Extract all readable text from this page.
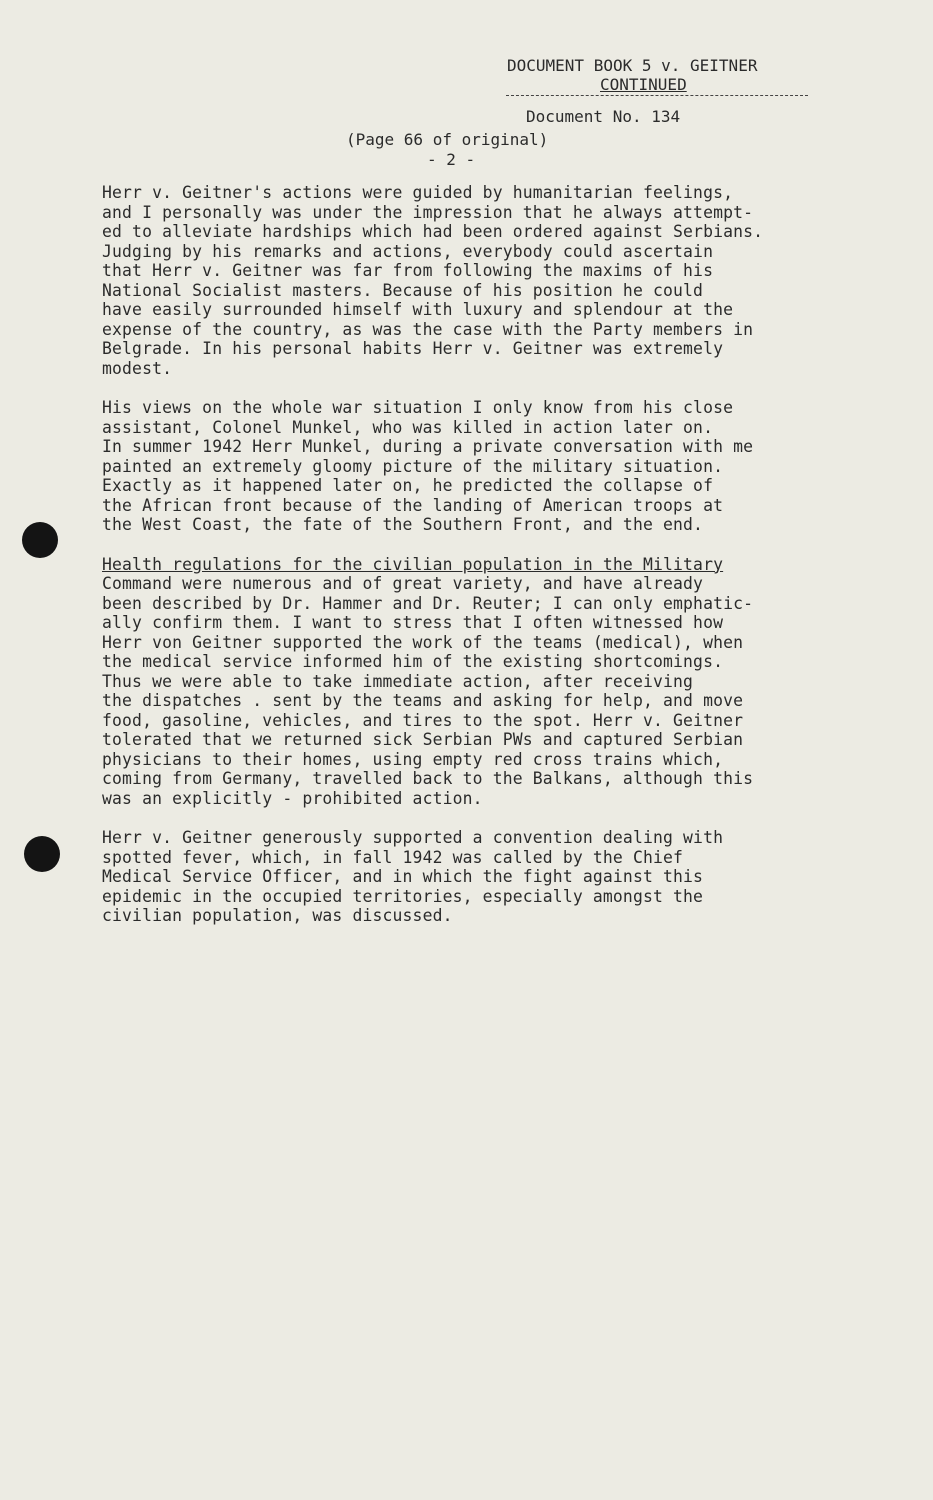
DOCUMENT BOOK 5 v. GEITNER

CONTINUED

Document No. 134
(Page 66 of original)
- 2 -

Herr v. Geitner's actions were guided by humanitarian feelings,
and I personally was under the impression that he always attempt-
ed to alleviate hardships which had been ordered against Serbians.
Judging by his remarks and actions, everybody could ascertain
that Herr v. Geitner was far from following the maxims of his
National Socialist masters. Because of his position he could
have easily surrounded himself with luxury and splendour at the
expense of the country, as was the case with the Party members in
Belgrade. In his personal habits Herr v. Geitner was extremely
modest.

His views on the whole war situation I only know from his close
assistant, Colonel Munkel, who was killed in action later on.
In summer 1942 Herr Munkel, during a private conversation with me
painted an extremely gloomy picture of the military situation.
Exactly as it happened later on, he predicted the collapse of
the African front because of the landing of American troops at
the West Coast, the fate of the Southern Front, and the end.

Health regulations for the civilian population in the Military
Command were numerous and of great variety, and have already
been described by Dr. Hammer and Dr. Reuter; I can only emphatic-
ally confirm them. I want to stress that I often witnessed how
Herr von Geitner supported the work of the teams (medical), when
the medical service informed him of the existing shortcomings.
Thus we were able to take immediate action, after receiving
the dispatches . sent by the teams and asking for help, and move
food, gasoline, vehicles, and tires to the spot. Herr v. Geitner
tolerated that we returned sick Serbian PWs and captured Serbian
physicians to their homes, using empty red cross trains which,
coming from Germany, travelled back to the Balkans, although this
was an explicitly - prohibited action.

Herr v. Geitner generously supported a convention dealing with
spotted fever, which, in fall 1942 was called by the Chief
Medical Service Officer, and in which the fight against this
epidemic in the occupied territories, especially amongst the
civilian population, was discussed.
